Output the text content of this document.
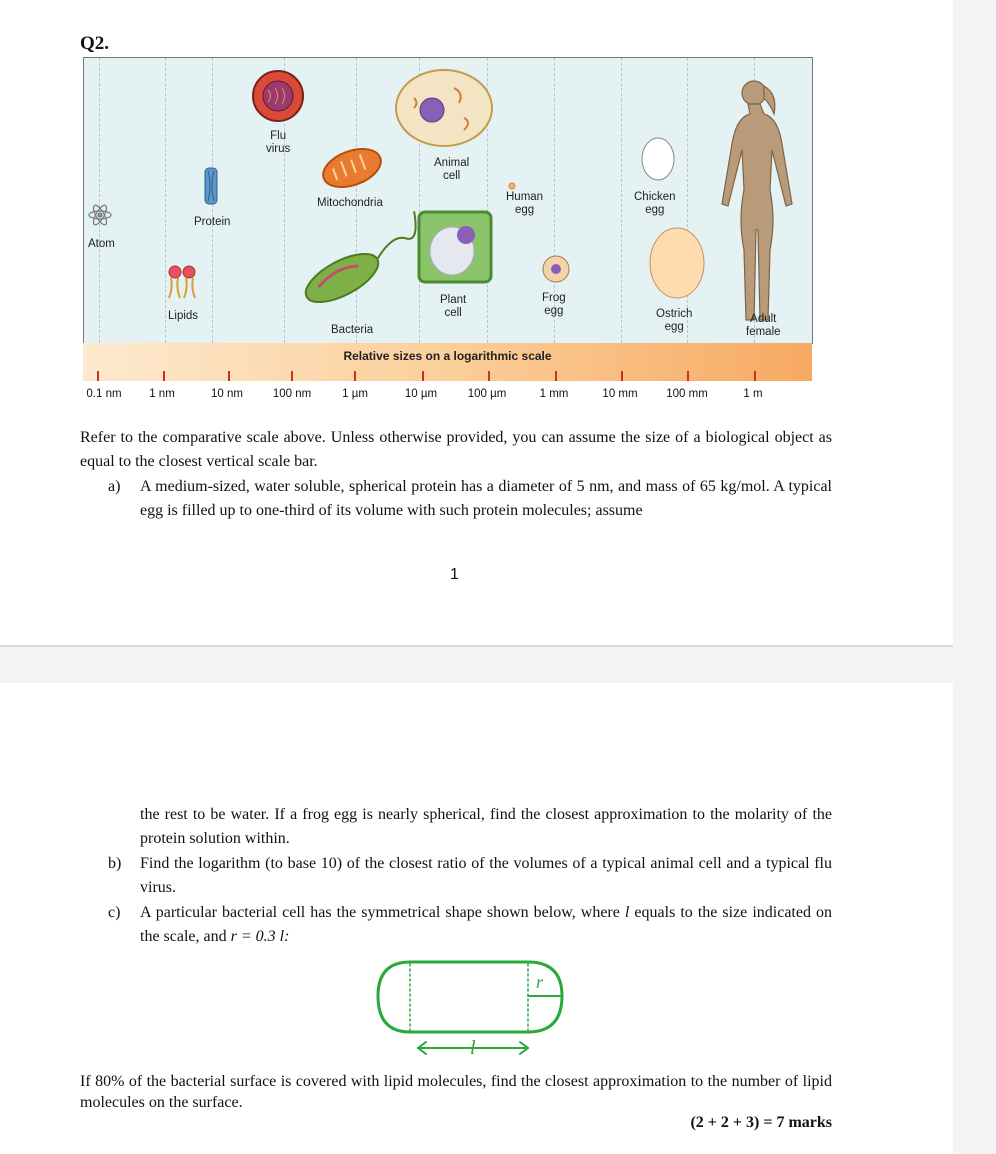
Q2.
Atom
Lipids
Protein
Flu
virus
Mitochondria
Bacteria
Animal
cell
Plant
cell
Human
egg
Frog
egg
Chicken
egg
Ostrich
egg
Adult
female
Relative sizes on a logarithmic scale
0.1 nm 1 nm	10 nm	100 nm	1 µm	10 µm	100 µm	1 mm	10 mm 100 mm	1 m
Refer to the comparative scale above. Unless otherwise provided, you can assume the size of a biological object as equal to the closest vertical scale bar.
a) A medium-sized, water soluble, spherical protein has a diameter of 5 nm, and mass of 65 kg/mol. A typical egg is filled up to one-third of its volume with such protein molecules; assume
1
the rest to be water. If a frog egg is nearly spherical, find the closest approximation to the molarity of the protein solution within.
b) Find the logarithm (to base 10) of the closest ratio of the volumes of a typical animal cell and a typical flu virus.
c) A particular bacterial cell has the symmetrical shape shown below, where l equals to the size indicated on the scale, and r = 0.3 l:
r
l
If 80% of the bacterial surface is covered with lipid molecules, find the closest approximation to the number of lipid molecules on the surface.
(2 + 2 + 3) = 7 marks
